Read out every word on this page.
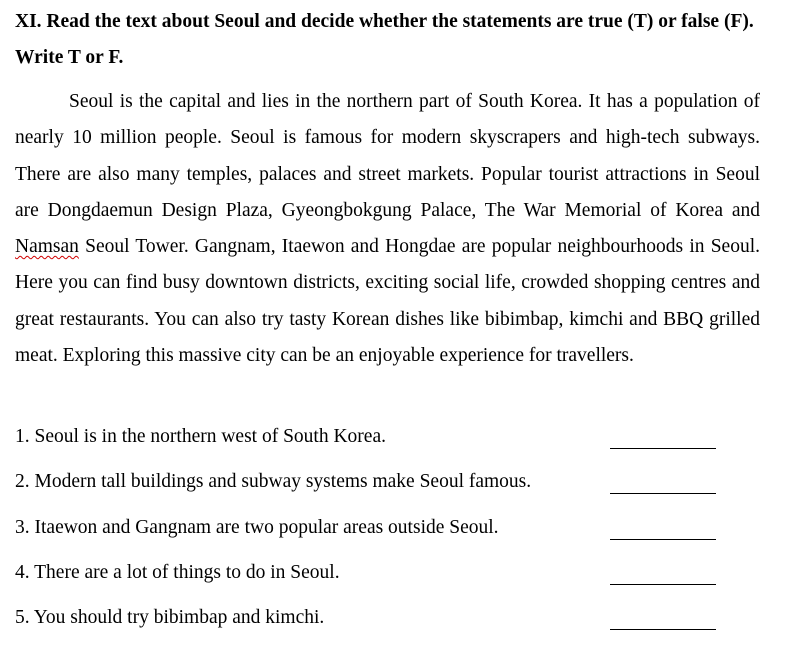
XI. Read the text about Seoul and decide whether the statements are true (T) or false (F). Write T or F.

Seoul is the capital and lies in the northern part of South Korea. It has a population of nearly 10 million people. Seoul is famous for modern skyscrapers and high-tech subways. There are also many temples, palaces and street markets. Popular tourist attractions in Seoul are Dongdaemun Design Plaza, Gyeongbokgung Palace, The War Memorial of Korea and Namsan Seoul Tower. Gangnam, Itaewon and Hongdae are popular neighbourhoods in Seoul. Here you can find busy downtown districts, exciting social life, crowded shopping centres and great restaurants. You can also try tasty Korean dishes like bibimbap, kimchi and BBQ grilled meat. Exploring this massive city can be an enjoyable experience for travellers.

1. Seoul is in the northern west of South Korea.
2. Modern tall buildings and subway systems make Seoul famous.
3. Itaewon and Gangnam are two popular areas outside Seoul.
4. There are a lot of things to do in Seoul.
5. You should try bibimbap and kimchi.
